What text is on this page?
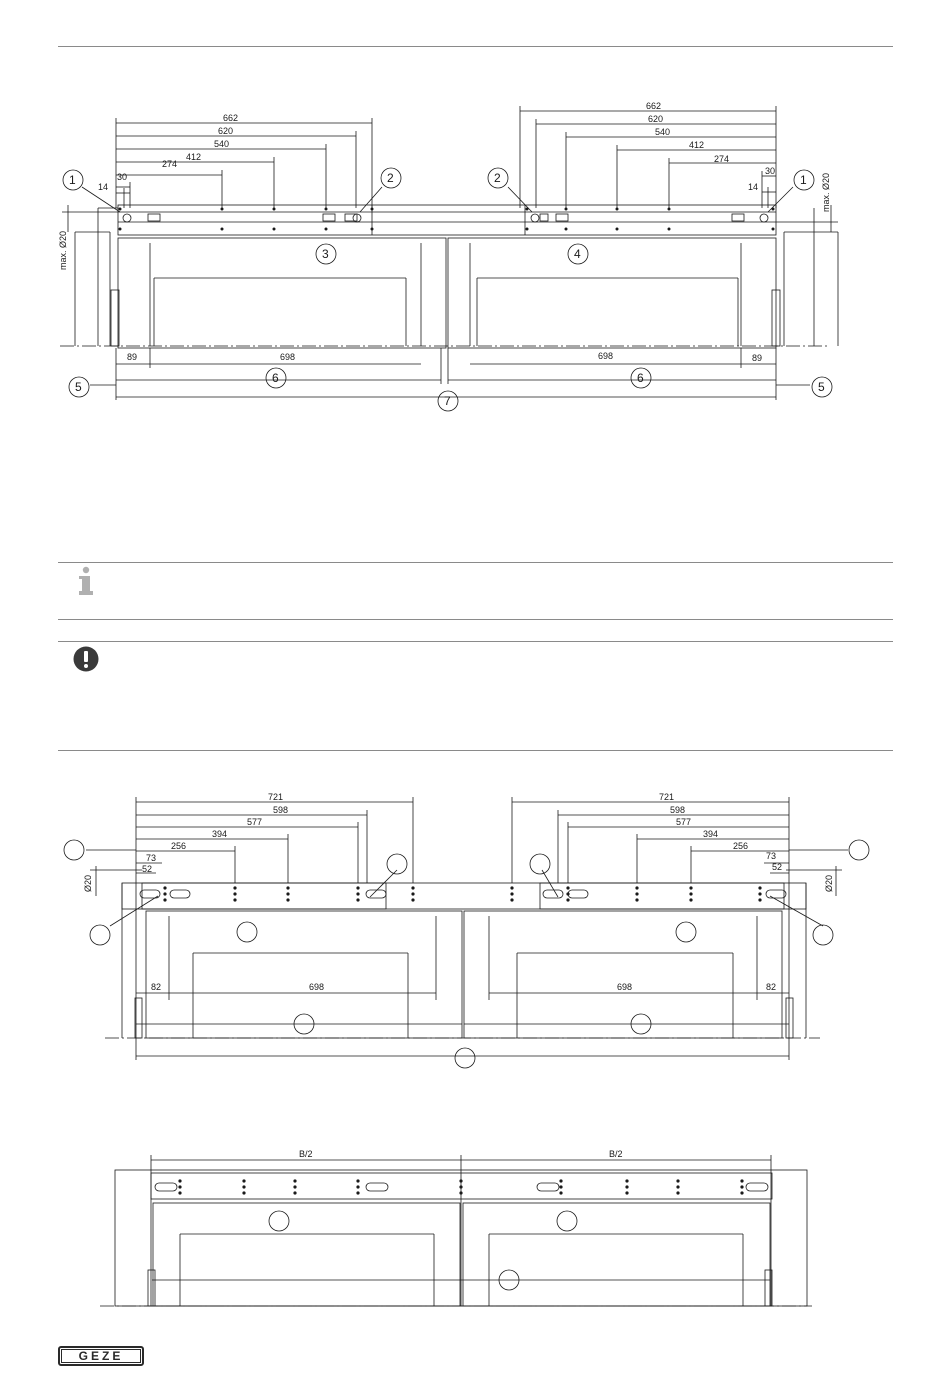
662
620
540
412
274
30
14
662
620
540
412
274
30
14
max. Ø20
max. Ø20
89	698	698	89
1	1
2	2
3	4
5	5
6	6
7
721
598
577
394
256
73
52
721
598
577
394
256
73
52
Ø20	Ø20
82	698	698	82
B/2	B/2
GEZE
